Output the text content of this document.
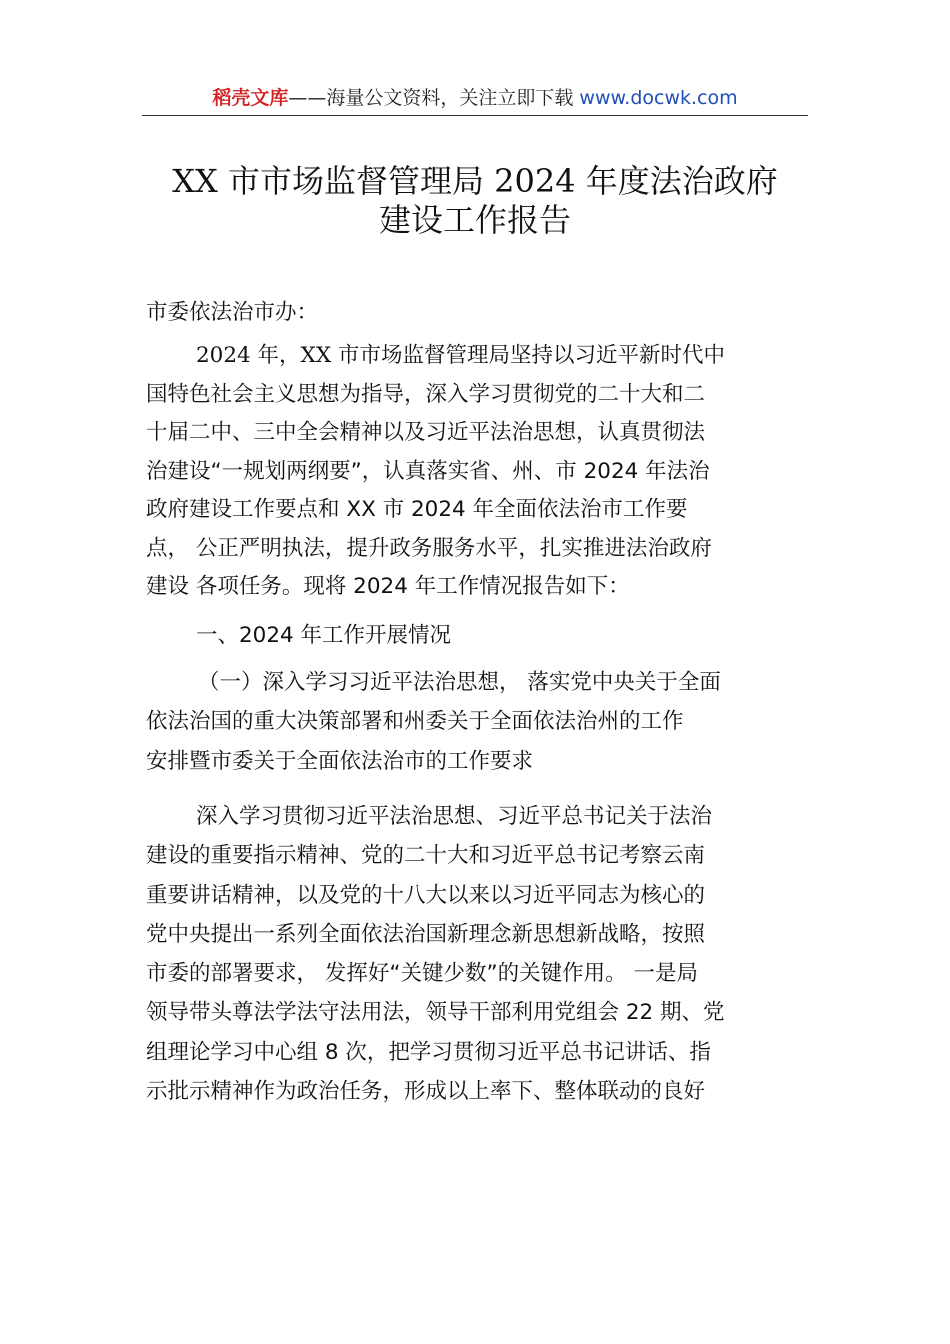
稻壳文库——海量公文资料，关注立即下载 www.docwk.com
XX 市市场监督管理局 2024 年度法治政府
建设工作报告
市委依法治市办：
2024 年，XX 市市场监督管理局坚持以习近平新时代中
国特色社会主义思想为指导，深入学习贯彻党的二十大和二
十届二中、三中全会精神以及习近平法治思想，认真贯彻法
治建设“一规划两纲要”，认真落实省、州、市 2024 年法治
政府建设工作要点和 XX 市 2024 年全面依法治市工作要
点， 公正严明执法，提升政务服务水平，扎实推进法治政府
建设 各项任务。现将 2024 年工作情况报告如下：
一、2024 年工作开展情况
（一）深入学习习近平法治思想， 落实党中央关于全面
依法治国的重大决策部署和州委关于全面依法治州的工作
安排暨市委关于全面依法治市的工作要求
深入学习贯彻习近平法治思想、习近平总书记关于法治
建设的重要指示精神、党的二十大和习近平总书记考察云南
重要讲话精神，以及党的十八大以来以习近平同志为核心的
党中央提出一系列全面依法治国新理念新思想新战略，按照
市委的部署要求， 发挥好“关键少数”的关键作用。 一是局
领导带头尊法学法守法用法，领导干部利用党组会 22 期、党
组理论学习中心组 8 次，把学习贯彻习近平总书记讲话、指
示批示精神作为政治任务，形成以上率下、整体联动的良好
